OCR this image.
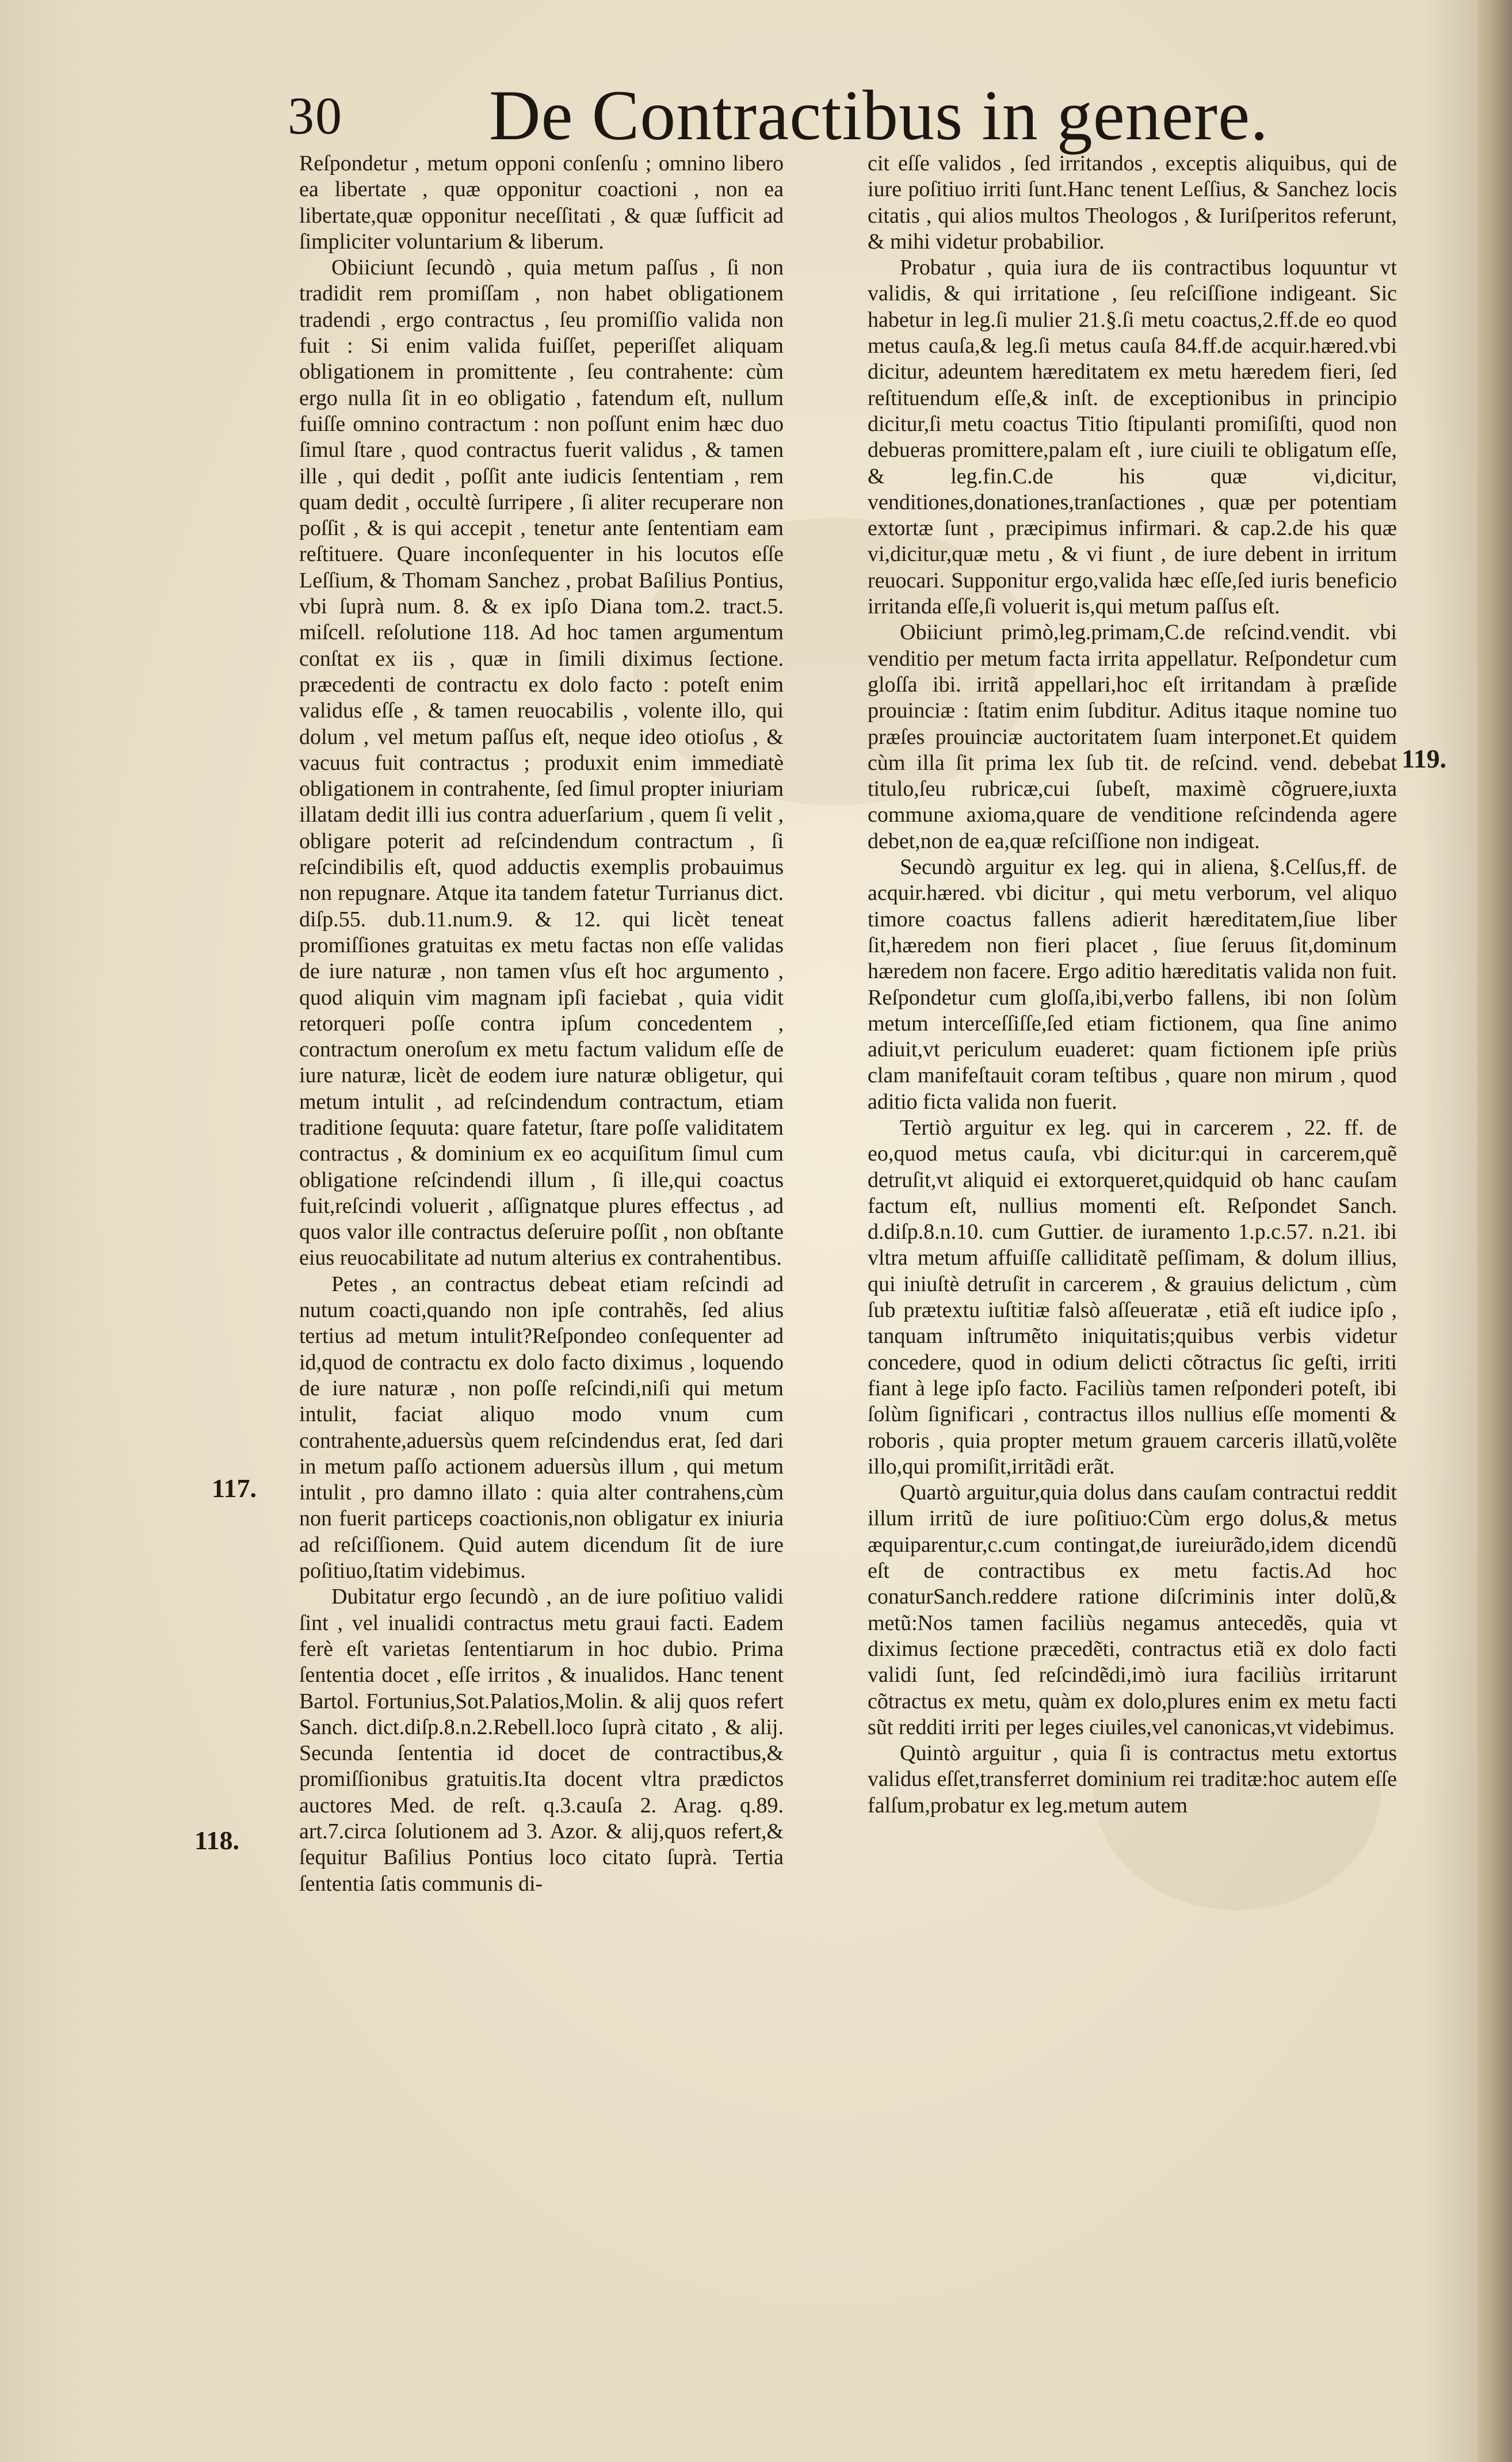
30 De Contractibus in genere.

Reſpondetur , metum opponi conſenſu ; omnino libero ea libertate , quæ opponitur coactioni , non ea libertate,quæ opponitur neceſſitati , & quæ ſufficit ad ſimpliciter voluntarium & liberum.

Obiiciunt ſecundò , quia metum paſſus , ſi non tradidit rem promiſſam , non habet obligationem tradendi , ergo contractus , ſeu promiſſio valida non fuit : Si enim valida fuiſſet, peperiſſet aliquam obligationem in promittente , ſeu contrahente: cùm ergo nulla ſit in eo obligatio , fatendum eſt, nullum fuiſſe omnino contractum : non poſſunt enim hæc duo ſimul ſtare , quod contractus fuerit validus , & tamen ille , qui dedit , poſſit ante iudicis ſententiam , rem quam dedit , occultè ſurripere , ſi aliter recuperare non poſſit , & is qui accepit , tenetur ante ſententiam eam reſtituere. Quare inconſequenter in his locutos eſſe Leſſium, & Thomam Sanchez , probat Baſilius Pontius, vbi ſuprà num. 8. & ex ipſo Diana tom.2. tract.5. miſcell. reſolutione 118. Ad hoc tamen argumentum conſtat ex iis , quæ in ſimili diximus ſectione. præcedenti de contractu ex dolo facto : poteſt enim validus eſſe , & tamen reuocabilis , volente illo, qui dolum , vel metum paſſus eſt, neque ideo otioſus , & vacuus fuit contractus ; produxit enim immediatè obligationem in contrahente, ſed ſimul propter iniuriam illatam dedit illi ius contra aduerſarium , quem ſi velit , obligare poterit ad reſcindendum contractum , ſi reſcindibilis eſt, quod adductis exemplis probauimus non repugnare. Atque ita tandem fatetur Turrianus dict. diſp.55. dub.11.num.9. & 12. qui licèt teneat promiſſiones gratuitas ex metu factas non eſſe validas de iure naturæ , non tamen vſus eſt hoc argumento , quod aliquin vim magnam ipſi faciebat , quia vidit retorqueri poſſe contra ipſum concedentem , contractum oneroſum ex metu factum validum eſſe de iure naturæ, licèt de eodem iure naturæ obligetur, qui metum intulit , ad reſcindendum contractum, etiam traditione ſequuta: quare fatetur, ſtare poſſe validitatem contractus , & dominium ex eo acquiſitum ſimul cum obligatione reſcindendi illum , ſi ille,qui coactus fuit,reſcindi voluerit , aſſignatque plures effectus , ad quos valor ille contractus deſeruire poſſit , non obſtante eius reuocabilitate ad nutum alterius ex contrahentibus.

Petes , an contractus debeat etiam reſcindi ad nutum coacti,quando non ipſe contrahẽs, ſed alius tertius ad metum intulit?Reſpondeo conſequenter ad id,quod de contractu ex dolo facto diximus , loquendo de iure naturæ , non poſſe reſcindi,niſi qui metum intulit, faciat aliquo modo vnum cum contrahente,aduersùs quem reſcindendus erat, ſed dari in metum paſſo actionem aduersùs illum , qui metum intulit , pro damno illato : quia alter contrahens,cùm non fuerit particeps coactionis,non obligatur ex iniuria ad reſciſſionem. Quid autem dicendum ſit de iure poſitiuo,ſtatim videbimus.

Dubitatur ergo ſecundò , an de iure poſitiuo validi ſint , vel inualidi contractus metu graui facti. Eadem ferè eſt varietas ſententiarum in hoc dubio. Prima ſententia docet , eſſe irritos , & inualidos. Hanc tenent Bartol. Fortunius,Sot.Palatios,Molin. & alij quos refert Sanch. dict.diſp.8.n.2.Rebell.loco ſuprà citato , & alij. Secunda ſententia id docet de contractibus,& promiſſionibus gratuitis.Ita docent vltra prædictos auctores Med. de reſt. q.3.cauſa 2. Arag. q.89. art.7.circa ſolutionem ad 3. Azor. & alij,quos refert,& ſequitur Baſilius Pontius loco citato ſuprà. Tertia ſententia ſatis communis di-

cit eſſe validos , ſed irritandos , exceptis aliquibus, qui de iure poſitiuo irriti ſunt.Hanc tenent Leſſius, & Sanchez locis citatis , qui alios multos Theologos , & Iuriſperitos referunt, & mihi videtur probabilior.

Probatur , quia iura de iis contractibus loquuntur vt validis, & qui irritatione , ſeu reſciſſione indigeant. Sic habetur in leg.ſi mulier 21.§.ſi metu coactus,2.ff.de eo quod metus cauſa,& leg.ſi metus cauſa 84.ff.de acquir.hæred.vbi dicitur, adeuntem hæreditatem ex metu hæredem fieri, ſed reſtituendum eſſe,& inſt. de exceptionibus in principio dicitur,ſi metu coactus Titio ſtipulanti promiſiſti, quod non debueras promittere,palam eſt , iure ciuili te obligatum eſſe, & leg.fin.C.de his quæ vi,dicitur, venditiones,donationes,tranſactiones , quæ per potentiam extortæ ſunt , præcipimus infirmari. & cap.2.de his quæ vi,dicitur,quæ metu , & vi fiunt , de iure debent in irritum reuocari. Supponitur ergo,valida hæc eſſe,ſed iuris beneficio irritanda eſſe,ſi voluerit is,qui metum paſſus eſt.

Obiiciunt primò,leg.primam,C.de reſcind.vendit. vbi venditio per metum facta irrita appellatur. Reſpondetur cum gloſſa ibi. irritã appellari,hoc eſt irritandam à præſide prouinciæ : ſtatim enim ſubditur. Aditus itaque nomine tuo præſes prouinciæ auctoritatem ſuam interponet.Et quidem cùm illa ſit prima lex ſub tit. de reſcind. vend. debebat titulo,ſeu rubricæ,cui ſubeſt, maximè cõgruere,iuxta commune axioma,quare de venditione reſcindenda agere debet,non de ea,quæ reſciſſione non indigeat.

Secundò arguitur ex leg. qui in aliena, §.Celſus,ff. de acquir.hæred. vbi dicitur , qui metu verborum, vel aliquo timore coactus fallens adierit hæreditatem,ſiue liber ſit,hæredem non fieri placet , ſiue ſeruus ſit,dominum hæredem non facere. Ergo aditio hæreditatis valida non fuit. Reſpondetur cum gloſſa,ibi,verbo fallens, ibi non ſolùm metum interceſſiſſe,ſed etiam fictionem, qua ſine animo adiuit,vt periculum euaderet: quam fictionem ipſe priùs clam manifeſtauit coram teſtibus , quare non mirum , quod aditio ficta valida non fuerit.

Tertiò arguitur ex leg. qui in carcerem , 22. ff. de eo,quod metus cauſa, vbi dicitur:qui in carcerem,quẽ detruſit,vt aliquid ei extorqueret,quidquid ob hanc cauſam factum eſt, nullius momenti eſt. Reſpondet Sanch. d.diſp.8.n.10. cum Guttier. de iuramento 1.p.c.57. n.21. ibi vltra metum affuiſſe calliditatẽ peſſimam, & dolum illius, qui iniuſtè detruſit in carcerem , & grauius delictum , cùm ſub prætextu iuſtitiæ falsò aſſeueratæ , etiã eſt iudice ipſo , tanquam inſtrumẽto iniquitatis;quibus verbis videtur concedere, quod in odium delicti cõtractus ſic geſti, irriti fiant à lege ipſo facto. Faciliùs tamen reſponderi poteſt, ibi ſolùm ſignificari , contractus illos nullius eſſe momenti & roboris , quia propter metum grauem carceris illatũ,volẽte illo,qui promiſit,irritãdi erãt.

Quartò arguitur,quia dolus dans cauſam contractui reddit illum irritũ de iure poſitiuo:Cùm ergo dolus,& metus æquiparentur,c.cum contingat,de iureiurãdo,idem dicendũ eſt de contractibus ex metu factis.Ad hoc conaturSanch.reddere ratione diſcriminis inter dolũ,& metũ:Nos tamen faciliùs negamus antecedẽs, quia vt diximus ſectione præcedẽti, contractus etiã ex dolo facti validi ſunt, ſed reſcindẽdi,imò iura faciliùs irritarunt cõtractus ex metu, quàm ex dolo,plures enim ex metu facti sũt redditi irriti per leges ciuiles,vel canonicas,vt videbimus.

Quintò arguitur , quia ſi is contractus metu extortus validus eſſet,transferret dominium rei traditæ:hoc autem eſſe falſum,probatur ex leg.metum autem

117.
118.
119.
